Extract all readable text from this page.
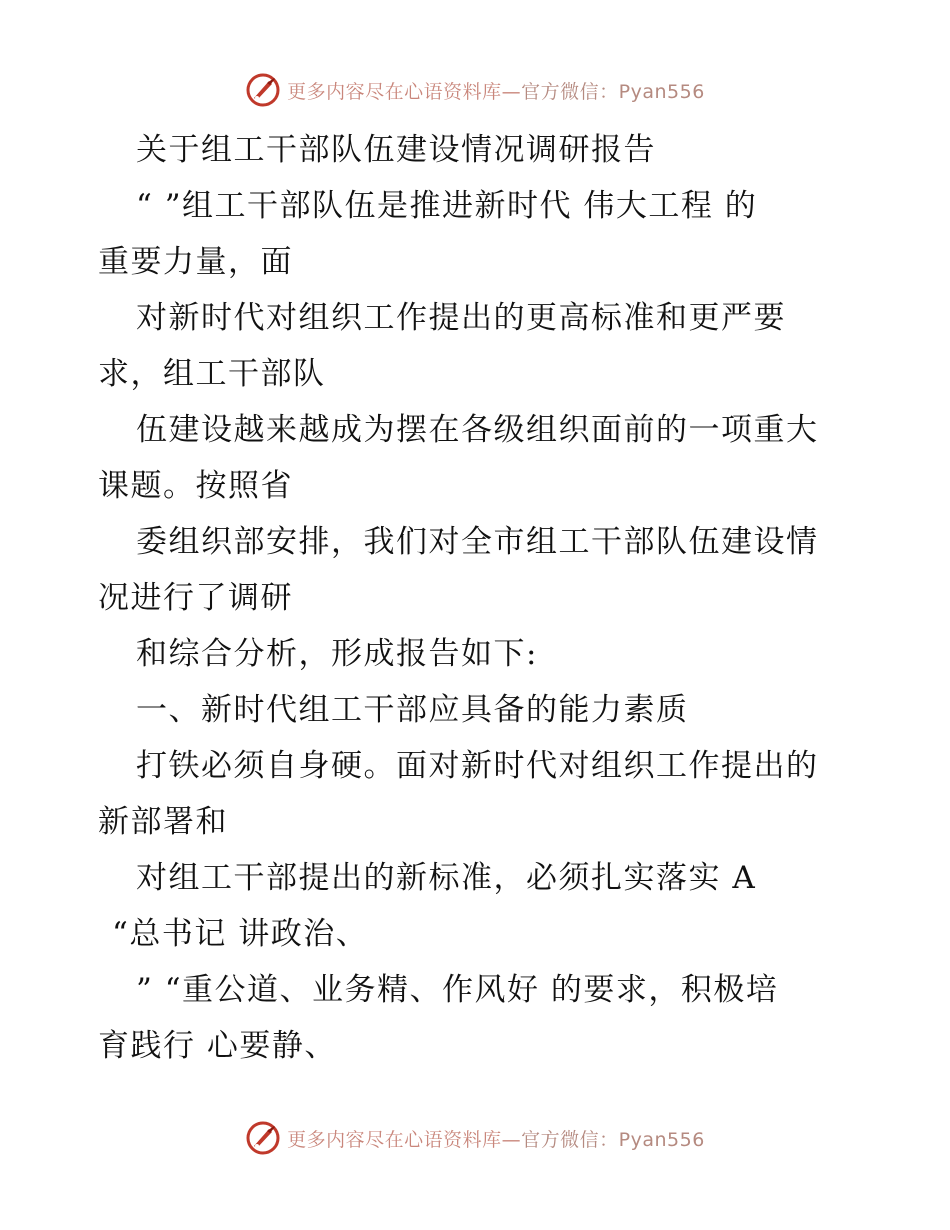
更多内容尽在心语资料库—官方微信：Pyan556
关于组工干部队伍建设情况调研报告
“ ”组工干部队伍是推进新时代 伟大工程 的
重要力量，面
对新时代对组织工作提出的更高标准和更严要
求，组工干部队
伍建设越来越成为摆在各级组织面前的一项重大
课题。按照省
委组织部安排，我们对全市组工干部队伍建设情
况进行了调研
和综合分析，形成报告如下:
一、新时代组工干部应具备的能力素质
打铁必须自身硬。面对新时代对组织工作提出的
新部署和
对组工干部提出的新标准，必须扎实落实 A
“总书记 讲政治、
” “重公道、业务精、作风好 的要求，积极培
育践行 心要静、
更多内容尽在心语资料库—官方微信：Pyan556
